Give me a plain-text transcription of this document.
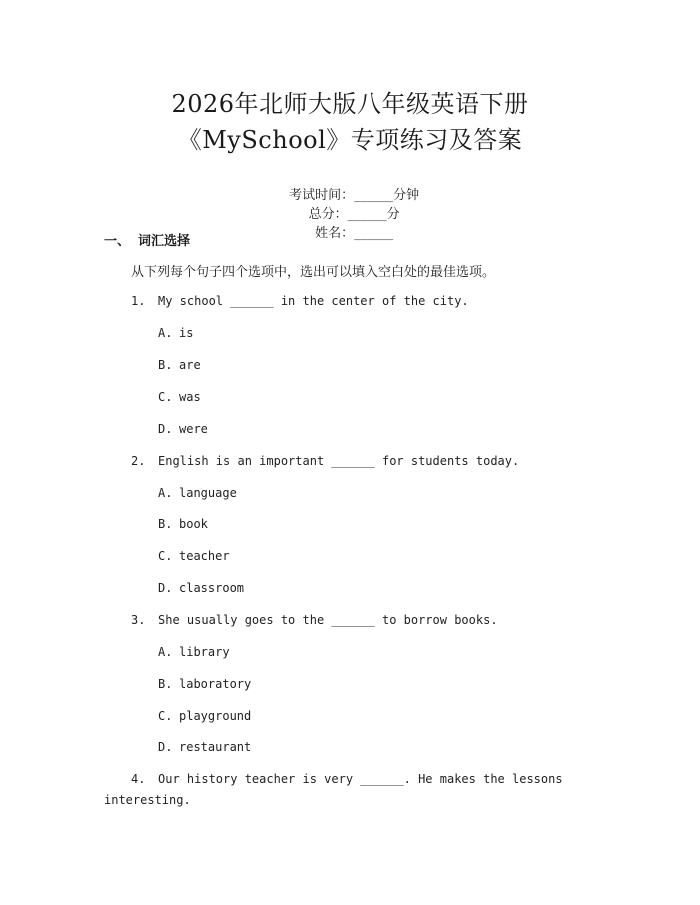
2026年北师大版八年级英语下册
《MySchool》专项练习及答案

考试时间：______分钟
总分：______分
姓名：______

一、 词汇选择
从下列每个句子四个选项中，选出可以填入空白处的最佳选项。
1. My school ______ in the center of the city.
A. is
B. are
C. was
D. were
2. English is an important ______ for students today.
A. language
B. book
C. teacher
D. classroom
3. She usually goes to the ______ to borrow books.
A. library
B. laboratory
C. playground
D. restaurant
4. Our history teacher is very ______. He makes the lessons
interesting.
